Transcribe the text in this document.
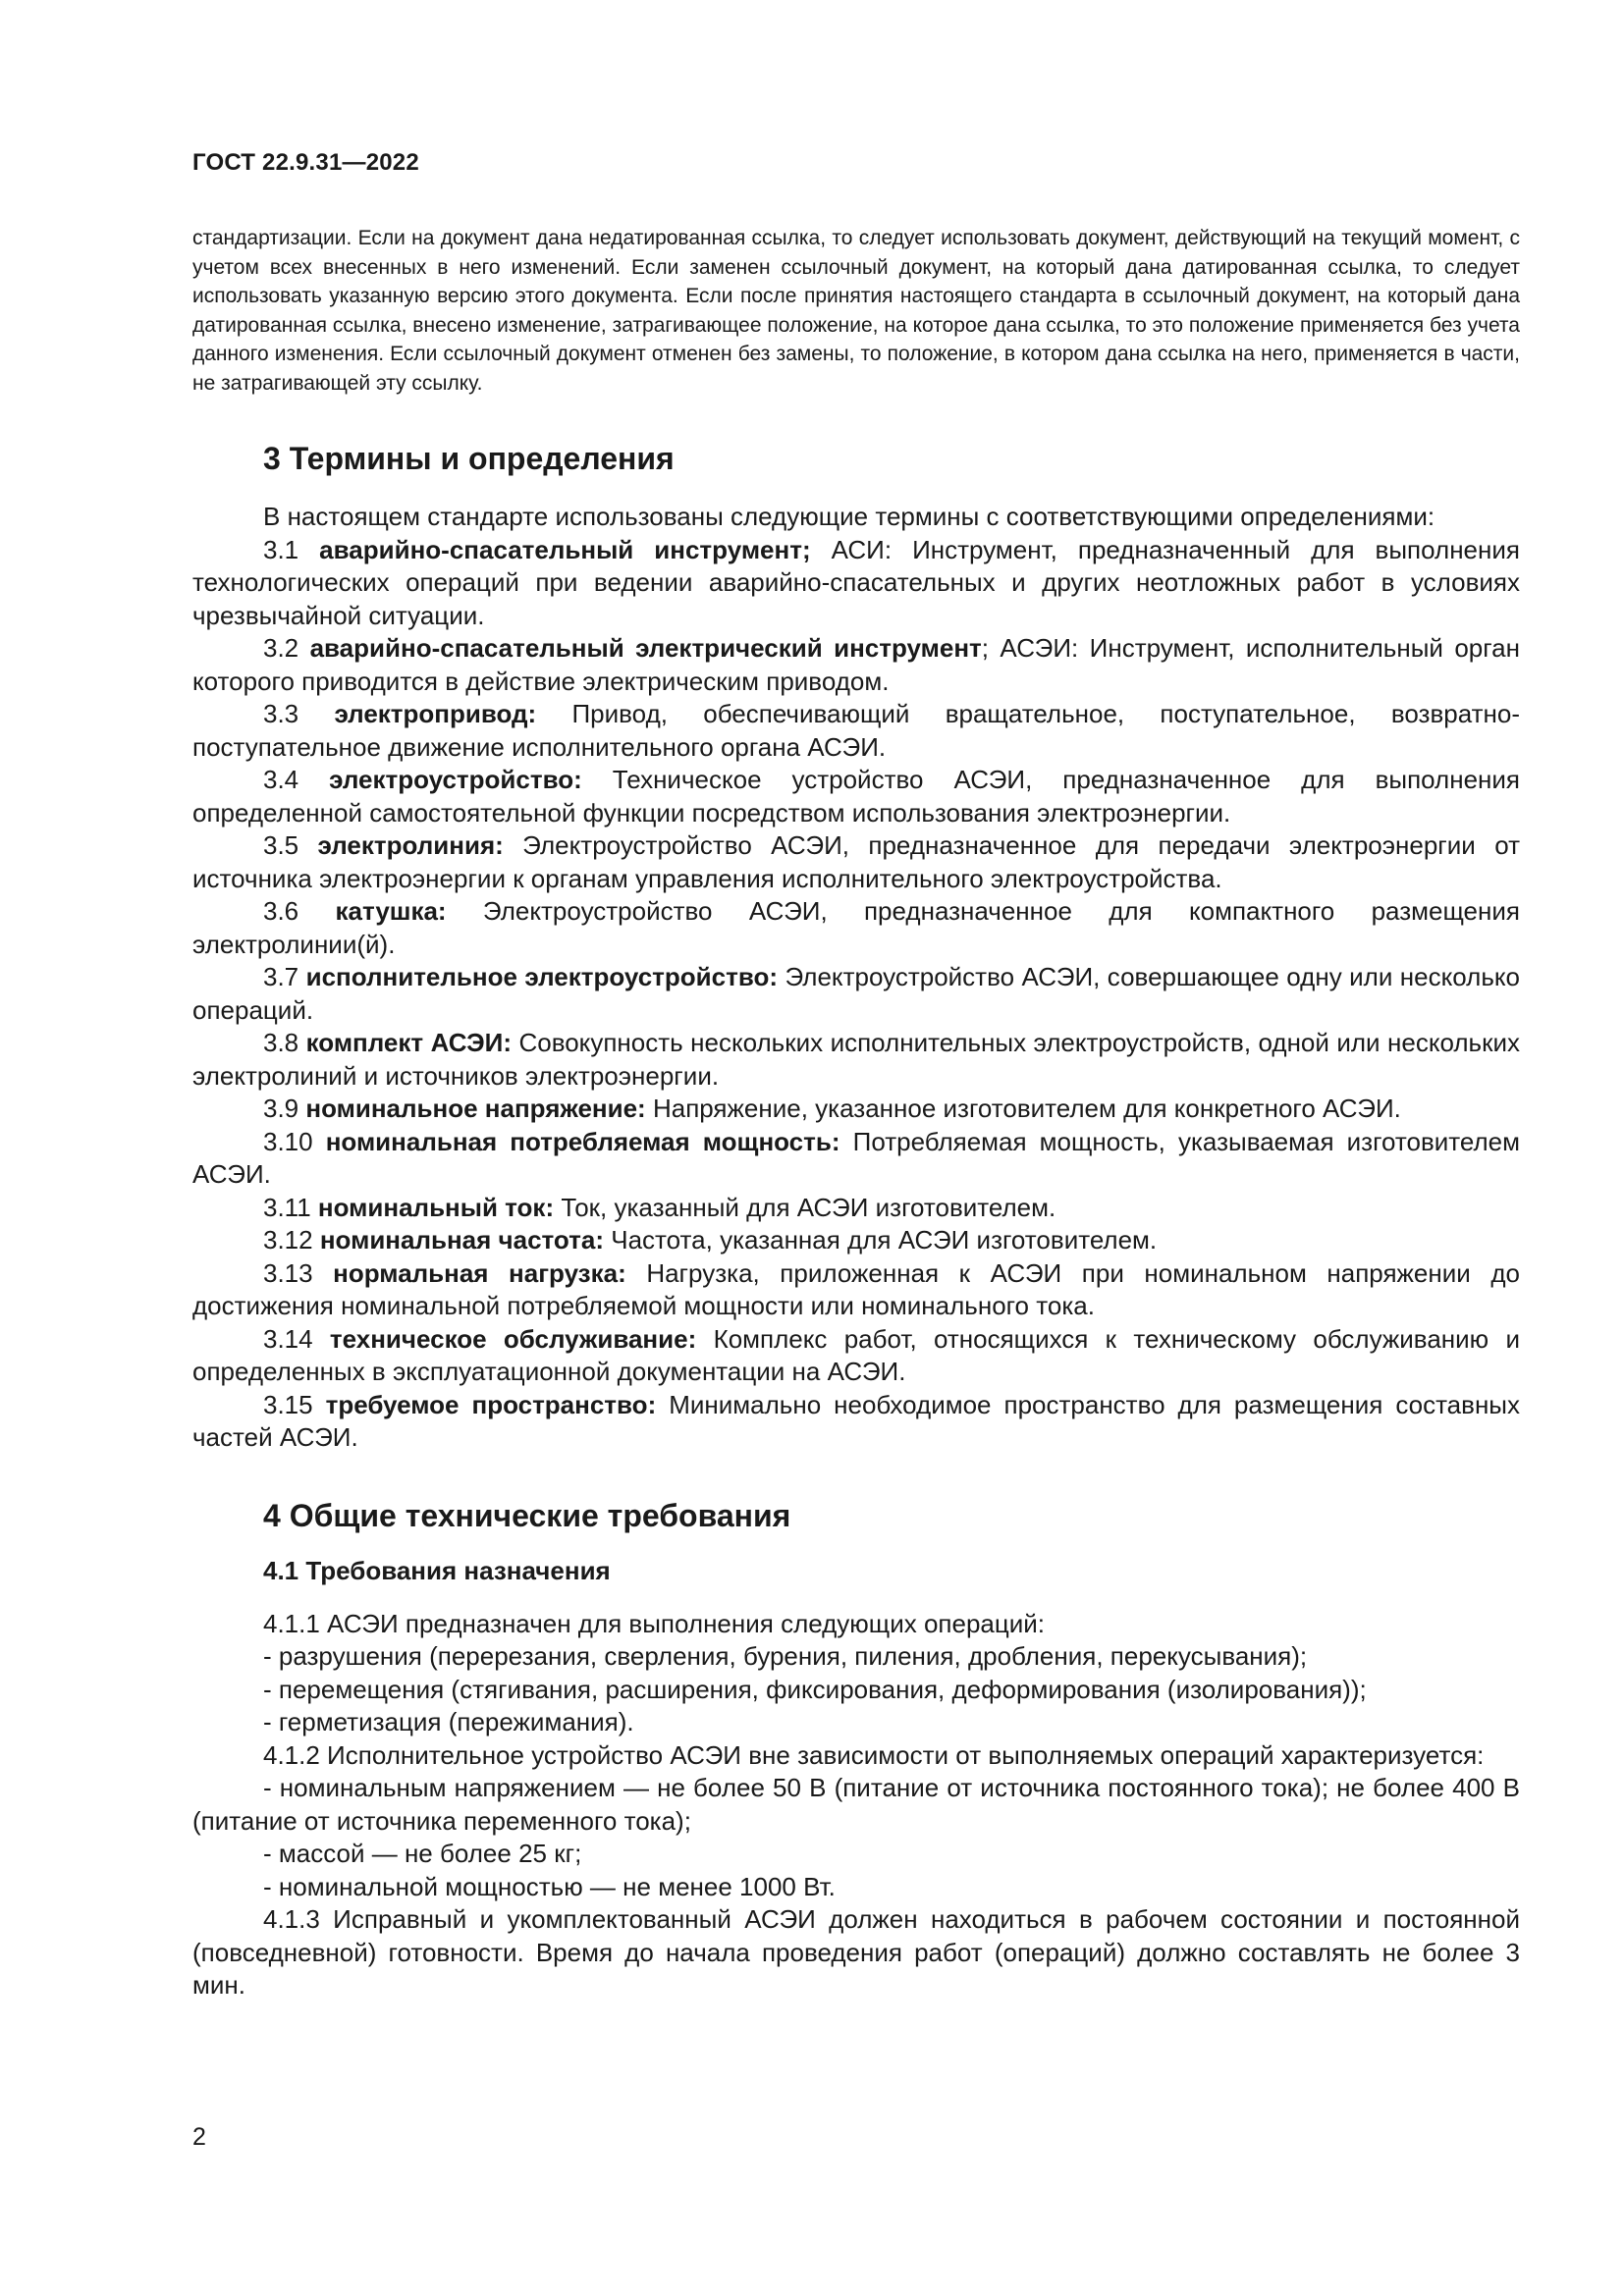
ГОСТ 22.9.31—2022

стандартизации. Если на документ дана недатированная ссылка, то следует использовать документ, действующий на текущий момент, с учетом всех внесенных в него изменений. Если заменен ссылочный документ, на который дана датированная ссылка, то следует использовать указанную версию этого документа. Если после принятия настоящего стандарта в ссылочный документ, на который дана датированная ссылка, внесено изменение, затрагивающее положение, на которое дана ссылка, то это положение применяется без учета данного изменения. Если ссылочный документ отменен без замены, то положение, в котором дана ссылка на него, применяется в части, не затрагивающей эту ссылку.

3 Термины и определения

В настоящем стандарте использованы следующие термины с соответствующими определениями:

3.1 аварийно-спасательный инструмент; АСИ: Инструмент, предназначенный для выполнения технологических операций при ведении аварийно-спасательных и других неотложных работ в условиях чрезвычайной ситуации.

3.2 аварийно-спасательный электрический инструмент; АСЭИ: Инструмент, исполнительный орган которого приводится в действие электрическим приводом.

3.3 электропривод: Привод, обеспечивающий вращательное, поступательное, возвратно-поступательное движение исполнительного органа АСЭИ.

3.4 электроустройство: Техническое устройство АСЭИ, предназначенное для выполнения определенной самостоятельной функции посредством использования электроэнергии.

3.5 электролиния: Электроустройство АСЭИ, предназначенное для передачи электроэнергии от источника электроэнергии к органам управления исполнительного электроустройства.

3.6 катушка: Электроустройство АСЭИ, предназначенное для компактного размещения электролинии(й).

3.7 исполнительное электроустройство: Электроустройство АСЭИ, совершающее одну или несколько операций.

3.8 комплект АСЭИ: Совокупность нескольких исполнительных электроустройств, одной или нескольких электролиний и источников электроэнергии.

3.9 номинальное напряжение: Напряжение, указанное изготовителем для конкретного АСЭИ.

3.10 номинальная потребляемая мощность: Потребляемая мощность, указываемая изготовителем АСЭИ.

3.11 номинальный ток: Ток, указанный для АСЭИ изготовителем.

3.12 номинальная частота: Частота, указанная для АСЭИ изготовителем.

3.13 нормальная нагрузка: Нагрузка, приложенная к АСЭИ при номинальном напряжении до достижения номинальной потребляемой мощности или номинального тока.

3.14 техническое обслуживание: Комплекс работ, относящихся к техническому обслуживанию и определенных в эксплуатационной документации на АСЭИ.

3.15 требуемое пространство: Минимально необходимое пространство для размещения составных частей АСЭИ.

4 Общие технические требования
4.1 Требования назначения

4.1.1 АСЭИ предназначен для выполнения следующих операций:

- разрушения (перерезания, сверления, бурения, пиления, дробления, перекусывания);

- перемещения (стягивания, расширения, фиксирования, деформирования (изолирования));

- герметизация (пережимания).

4.1.2 Исполнительное устройство АСЭИ вне зависимости от выполняемых операций характеризуется:

- номинальным напряжением — не более 50 В (питание от источника постоянного тока); не более 400 В (питание от источника переменного тока);

- массой — не более 25 кг;

- номинальной мощностью — не менее 1000 Вт.

4.1.3 Исправный и укомплектованный АСЭИ должен находиться в рабочем состоянии и постоянной (повседневной) готовности. Время до начала проведения работ (операций) должно составлять не более 3 мин.

2
